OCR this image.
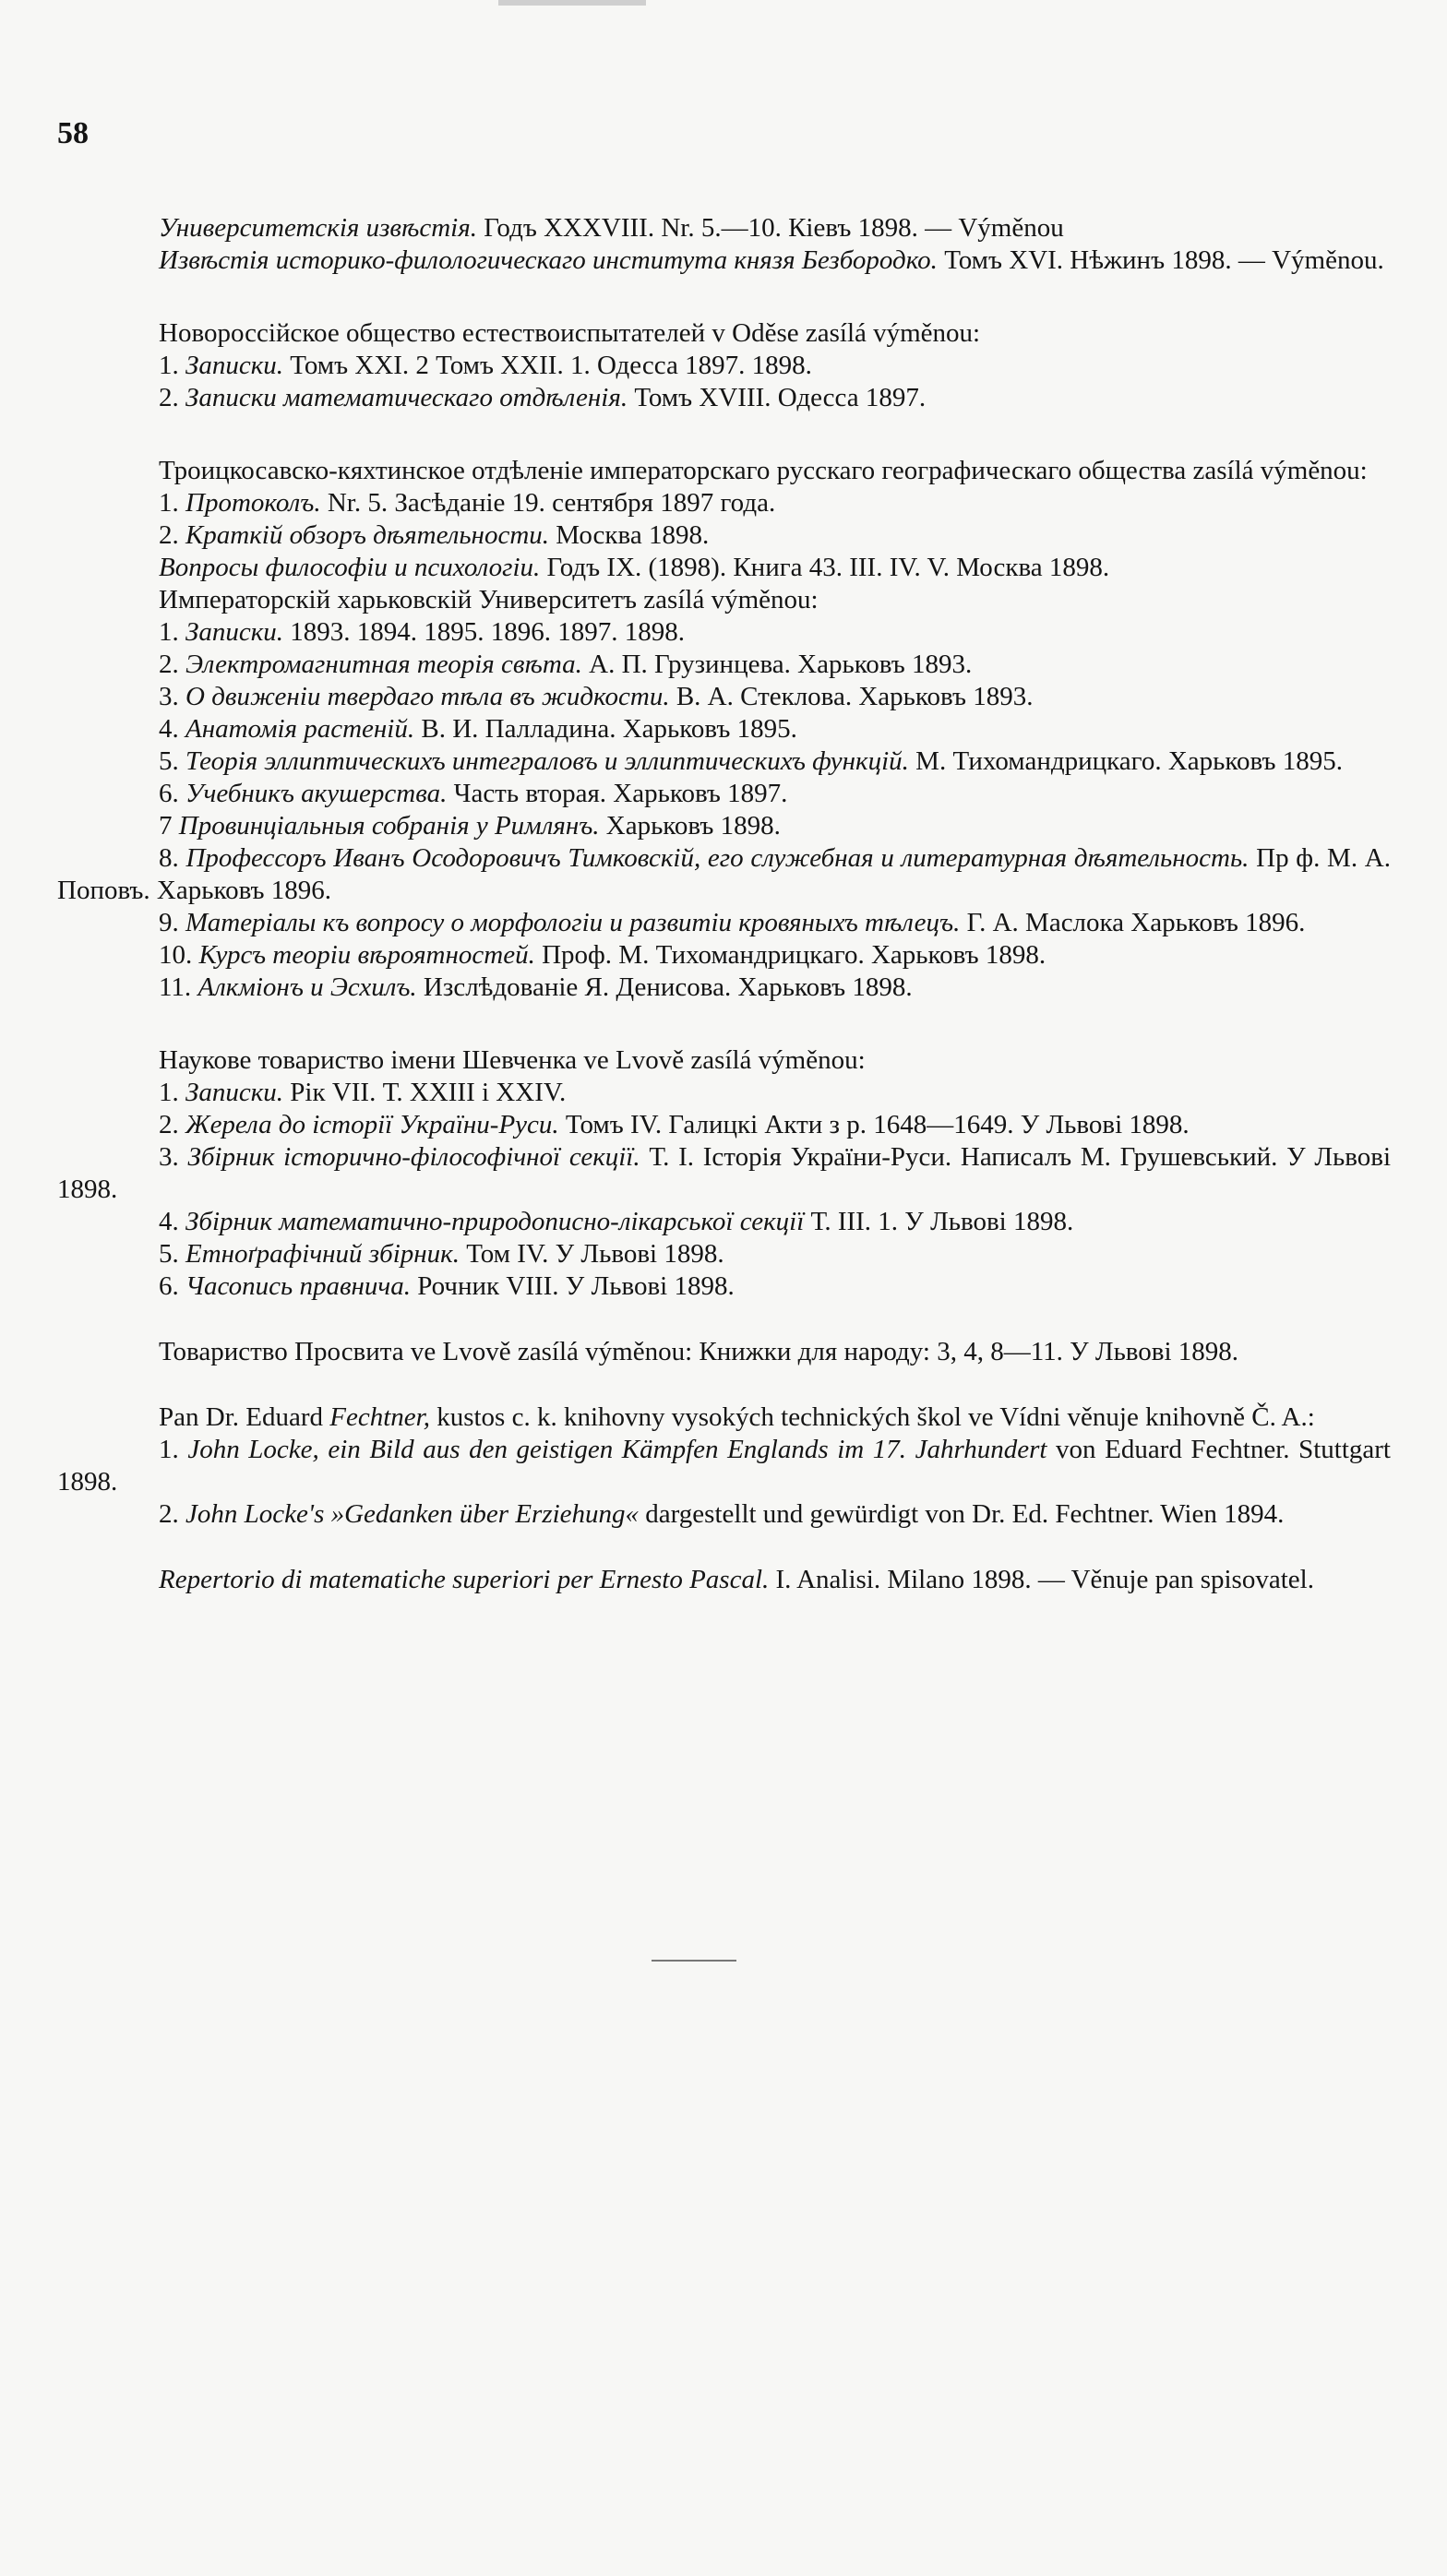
58

Университетскія извѣстія. Годъ XXXVIII. Nr. 5.—10. Кіевъ 1898. — Výměnou

Извѣстія историко-филологическаго института князя Безбородко. Томъ XVI. Нѣжинъ 1898. — Výměnou.

Новороссійское общество естествоиспытателей v Oděse zasílá výměnou:

1. Записки. Томъ XXI. 2 Томъ XXII. 1. Одесса 1897. 1898.

2. Записки математическаго отдѣленія. Томъ XVIII. Одесса 1897.

Троицкосавско-кяхтинское отдѣленіе императорскаго русскаго географическаго общества zasílá výměnou:

1. Протоколъ. Nr. 5. Засѣданіе 19. сентября 1897 года.

2. Краткій обзоръ дѣятельности. Москва 1898.

Вопросы философіи и психологіи. Годъ IX. (1898). Книга 43. III. IV. V. Москва 1898.

Императорскій харьковскій Университетъ zasílá výměnou:

1. Записки. 1893. 1894. 1895. 1896. 1897. 1898.

2. Электромагнитная теорія свѣта. А. П. Грузинцева. Харьковъ 1893.

3. О движеніи твердаго тѣла въ жидкости. В. А. Стеклова. Харьковъ 1893.

4. Анатомія растеній. В. И. Палладина. Харьковъ 1895.

5. Теорія эллиптическихъ интеграловъ и эллиптическихъ функцій. М. Тихомандрицкаго. Харьковъ 1895.

6. Учебникъ акушерства. Часть вторая. Харьковъ 1897.

7 Провинціальныя собранія у Римлянъ. Харьковъ 1898.

8. Профессоръ Иванъ Осодоровичъ Тимковскій, его служебная и литературная дѣятельность. Пр ф. М. А. Поповъ. Харьковъ 1896.

9. Матеріалы къ вопросу о морфологіи и развитіи кровяныхъ тѣлецъ. Г. А. Маслока Харьковъ 1896.

10. Курсъ теоріи вѣроятностей. Проф. М. Тихомандрицкаго. Харьковъ 1898.

11. Алкміонъ и Эсхилъ. Изслѣдованіе Я. Денисова. Харьковъ 1898.

Наукове товариство імени Шевченка ve Lvově zasílá výměnou:

1. Записки. Рік VII. Т. XXIII і XXIV.

2. Жерела до історії України-Руси. Томъ IV. Галицкі Акти з р. 1648—1649. У Львові 1898.

3. Збірник історично-філософічної секції. Т. I. Історія України-Руси. Написалъ М. Грушевський. У Львові 1898.

4. Збірник математично-природописно-лікарської секції Т. III. 1. У Львові 1898.

5. Етноґрафічний збірник. Том IV. У Львові 1898.

6. Часопись правнича. Рочник VIII. У Львові 1898.

Товариство Просвита ve Lvově zasílá výměnou: Книжки для народу: 3, 4, 8—11. У Львові 1898.

Pan Dr. Eduard Fechtner, kustos c. k. knihovny vysokých technických škol ve Vídni věnuje knihovně Č. A.:

1. John Locke, ein Bild aus den geistigen Kämpfen Englands im 17. Jahrhundert von Eduard Fechtner. Stuttgart 1898.

2. John Locke's »Gedanken über Erziehung« dargestellt und gewürdigt von Dr. Ed. Fechtner. Wien 1894.

Repertorio di matematiche superiori per Ernesto Pascal. I. Analisi. Milano 1898. — Věnuje pan spisovatel.
